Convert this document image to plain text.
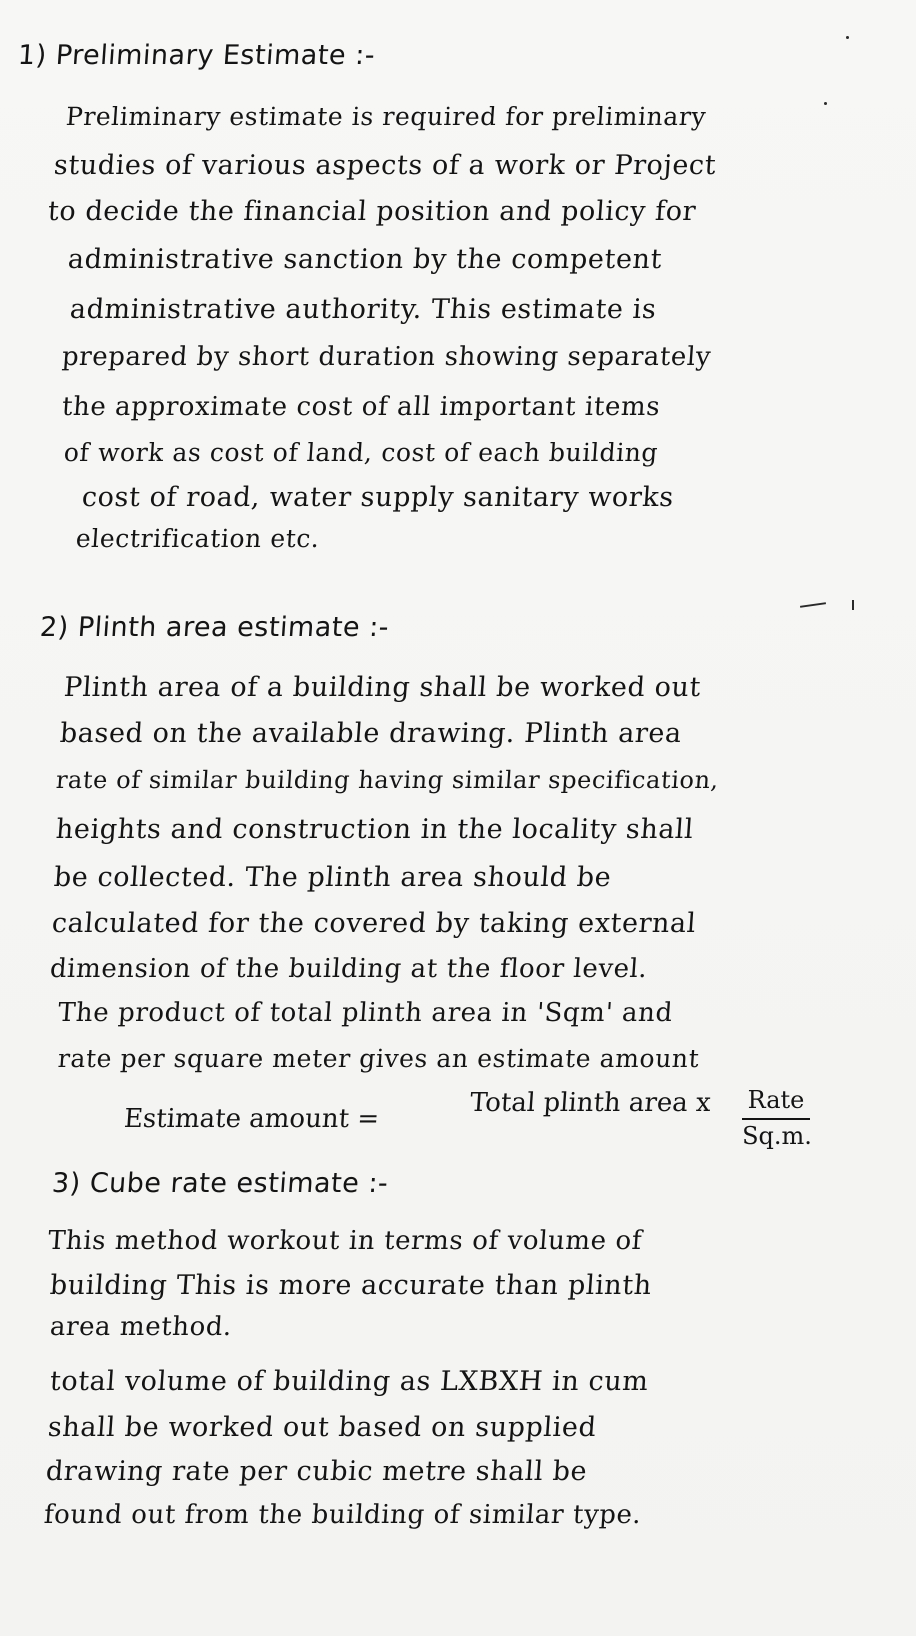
1) Preliminary Estimate :-
Preliminary estimate is required for preliminary
studies of various aspects of a work or Project
to decide the financial position and policy for
administrative sanction by the competent
administrative authority. This estimate is
prepared by short duration showing separately
the approximate cost of all important items
of work as cost of land, cost of each building
cost of road, water supply sanitary works
electrification etc.
2) Plinth area estimate :-
Plinth area of a building shall be worked out
based on the available drawing. Plinth area
rate of similar building having similar specification,
heights and construction in the locality shall
be collected. The plinth area should be
calculated for the covered by taking external
dimension of the building at the floor level.
The product of total plinth area in 'Sqm' and
rate per square meter gives an estimate amount
Estimate amount =
Total plinth area x	Rate
Sq.m.
3) Cube rate estimate :-
This method workout in terms of volume of
building This is more accurate than plinth
area method.
total volume of building as LXBXH in cum
shall be worked out based on supplied
drawing rate per cubic metre shall be
found out from the building of similar type.
